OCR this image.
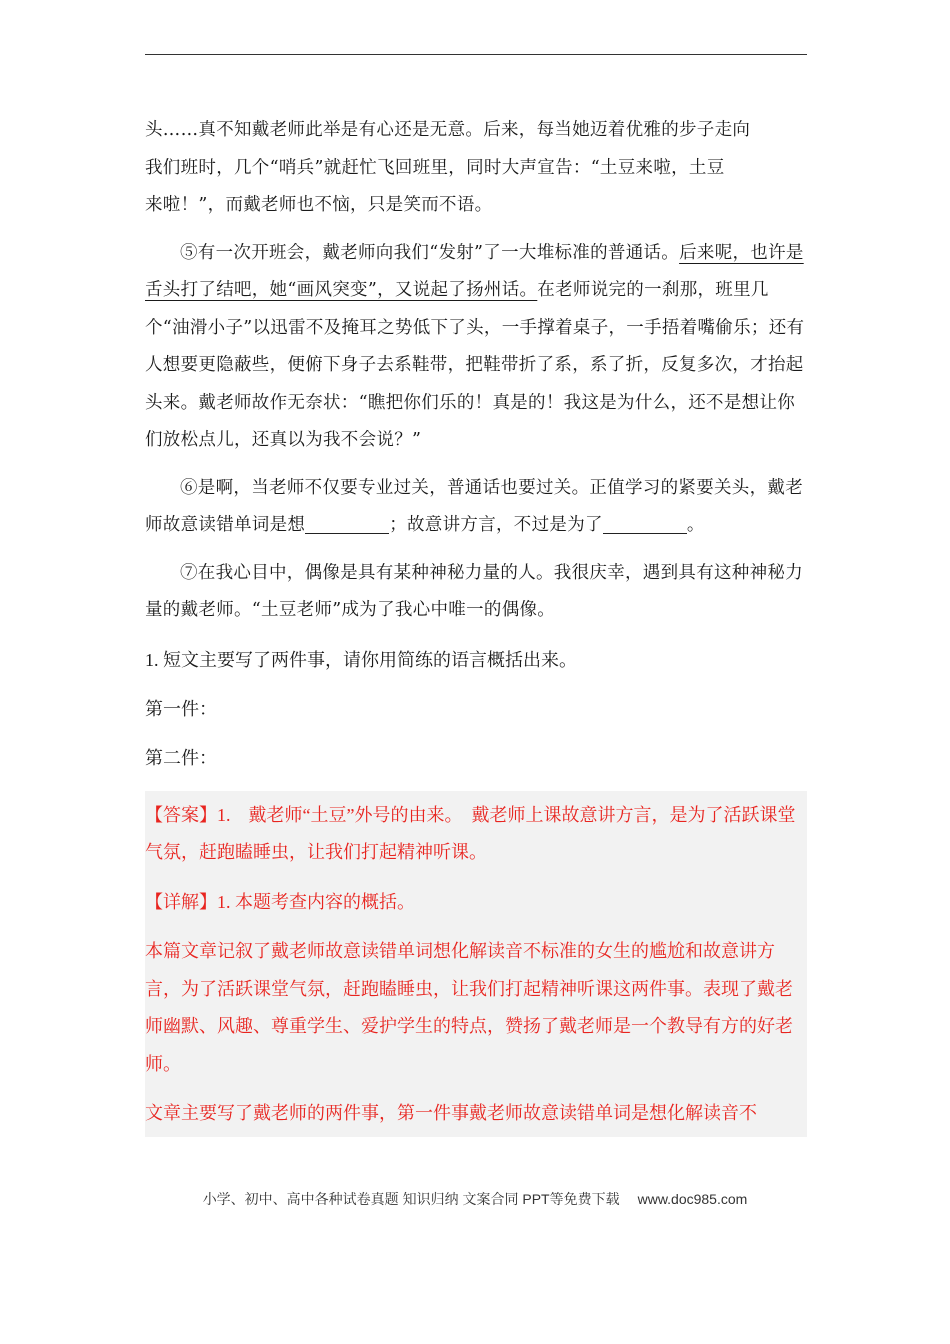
头……真不知戴老师此举是有心还是无意。后来，每当她迈着优雅的步子走向

我们班时，几个“哨兵”就赶忙飞回班里，同时大声宣告：“土豆来啦，土豆

来啦！”，而戴老师也不恼，只是笑而不语。

⑤有一次开班会，戴老师向我们“发射”了一大堆标准的普通话。后来呢，也许是舌头打了结吧，她“画风突变”，又说起了扬州话。在老师说完的一刹那，班里几个“油滑小子”以迅雷不及掩耳之势低下了头，一手撑着桌子，一手捂着嘴偷乐；还有人想要更隐蔽些，便俯下身子去系鞋带，把鞋带折了系，系了折，反复多次，才抬起头来。戴老师故作无奈状：“瞧把你们乐的！真是的！我这是为什么，还不是想让你们放松点儿，还真以为我不会说？”

⑥是啊，当老师不仅要专业过关，普通话也要过关。正值学习的紧要关头，戴老师故意读错单词是想	；故意讲方言，不过是为了	。

⑦在我心目中，偶像是具有某种神秘力量的人。我很庆幸，遇到具有这种神秘力量的戴老师。“土豆老师”成为了我心中唯一的偶像。

1. 短文主要写了两件事，请你用简练的语言概括出来。

第一件：

第二件：

【答案】1.　戴老师“土豆”外号的由来。　戴老师上课故意讲方言，是为了活跃课堂气氛，赶跑瞌睡虫，让我们打起精神听课。

【详解】1. 本题考查内容的概括。

本篇文章记叙了戴老师故意读错单词想化解读音不标准的女生的尴尬和故意讲方言，为了活跃课堂气氛，赶跑瞌睡虫，让我们打起精神听课这两件事。表现了戴老师幽默、风趣、尊重学生、爱护学生的特点，赞扬了戴老师是一个教导有方的好老师。

文章主要写了戴老师的两件事，第一件事戴老师故意读错单词是想化解读音不

小学、初中、高中各种试卷真题 知识归纳 文案合同 PPT等免费下载 www.doc985.com
